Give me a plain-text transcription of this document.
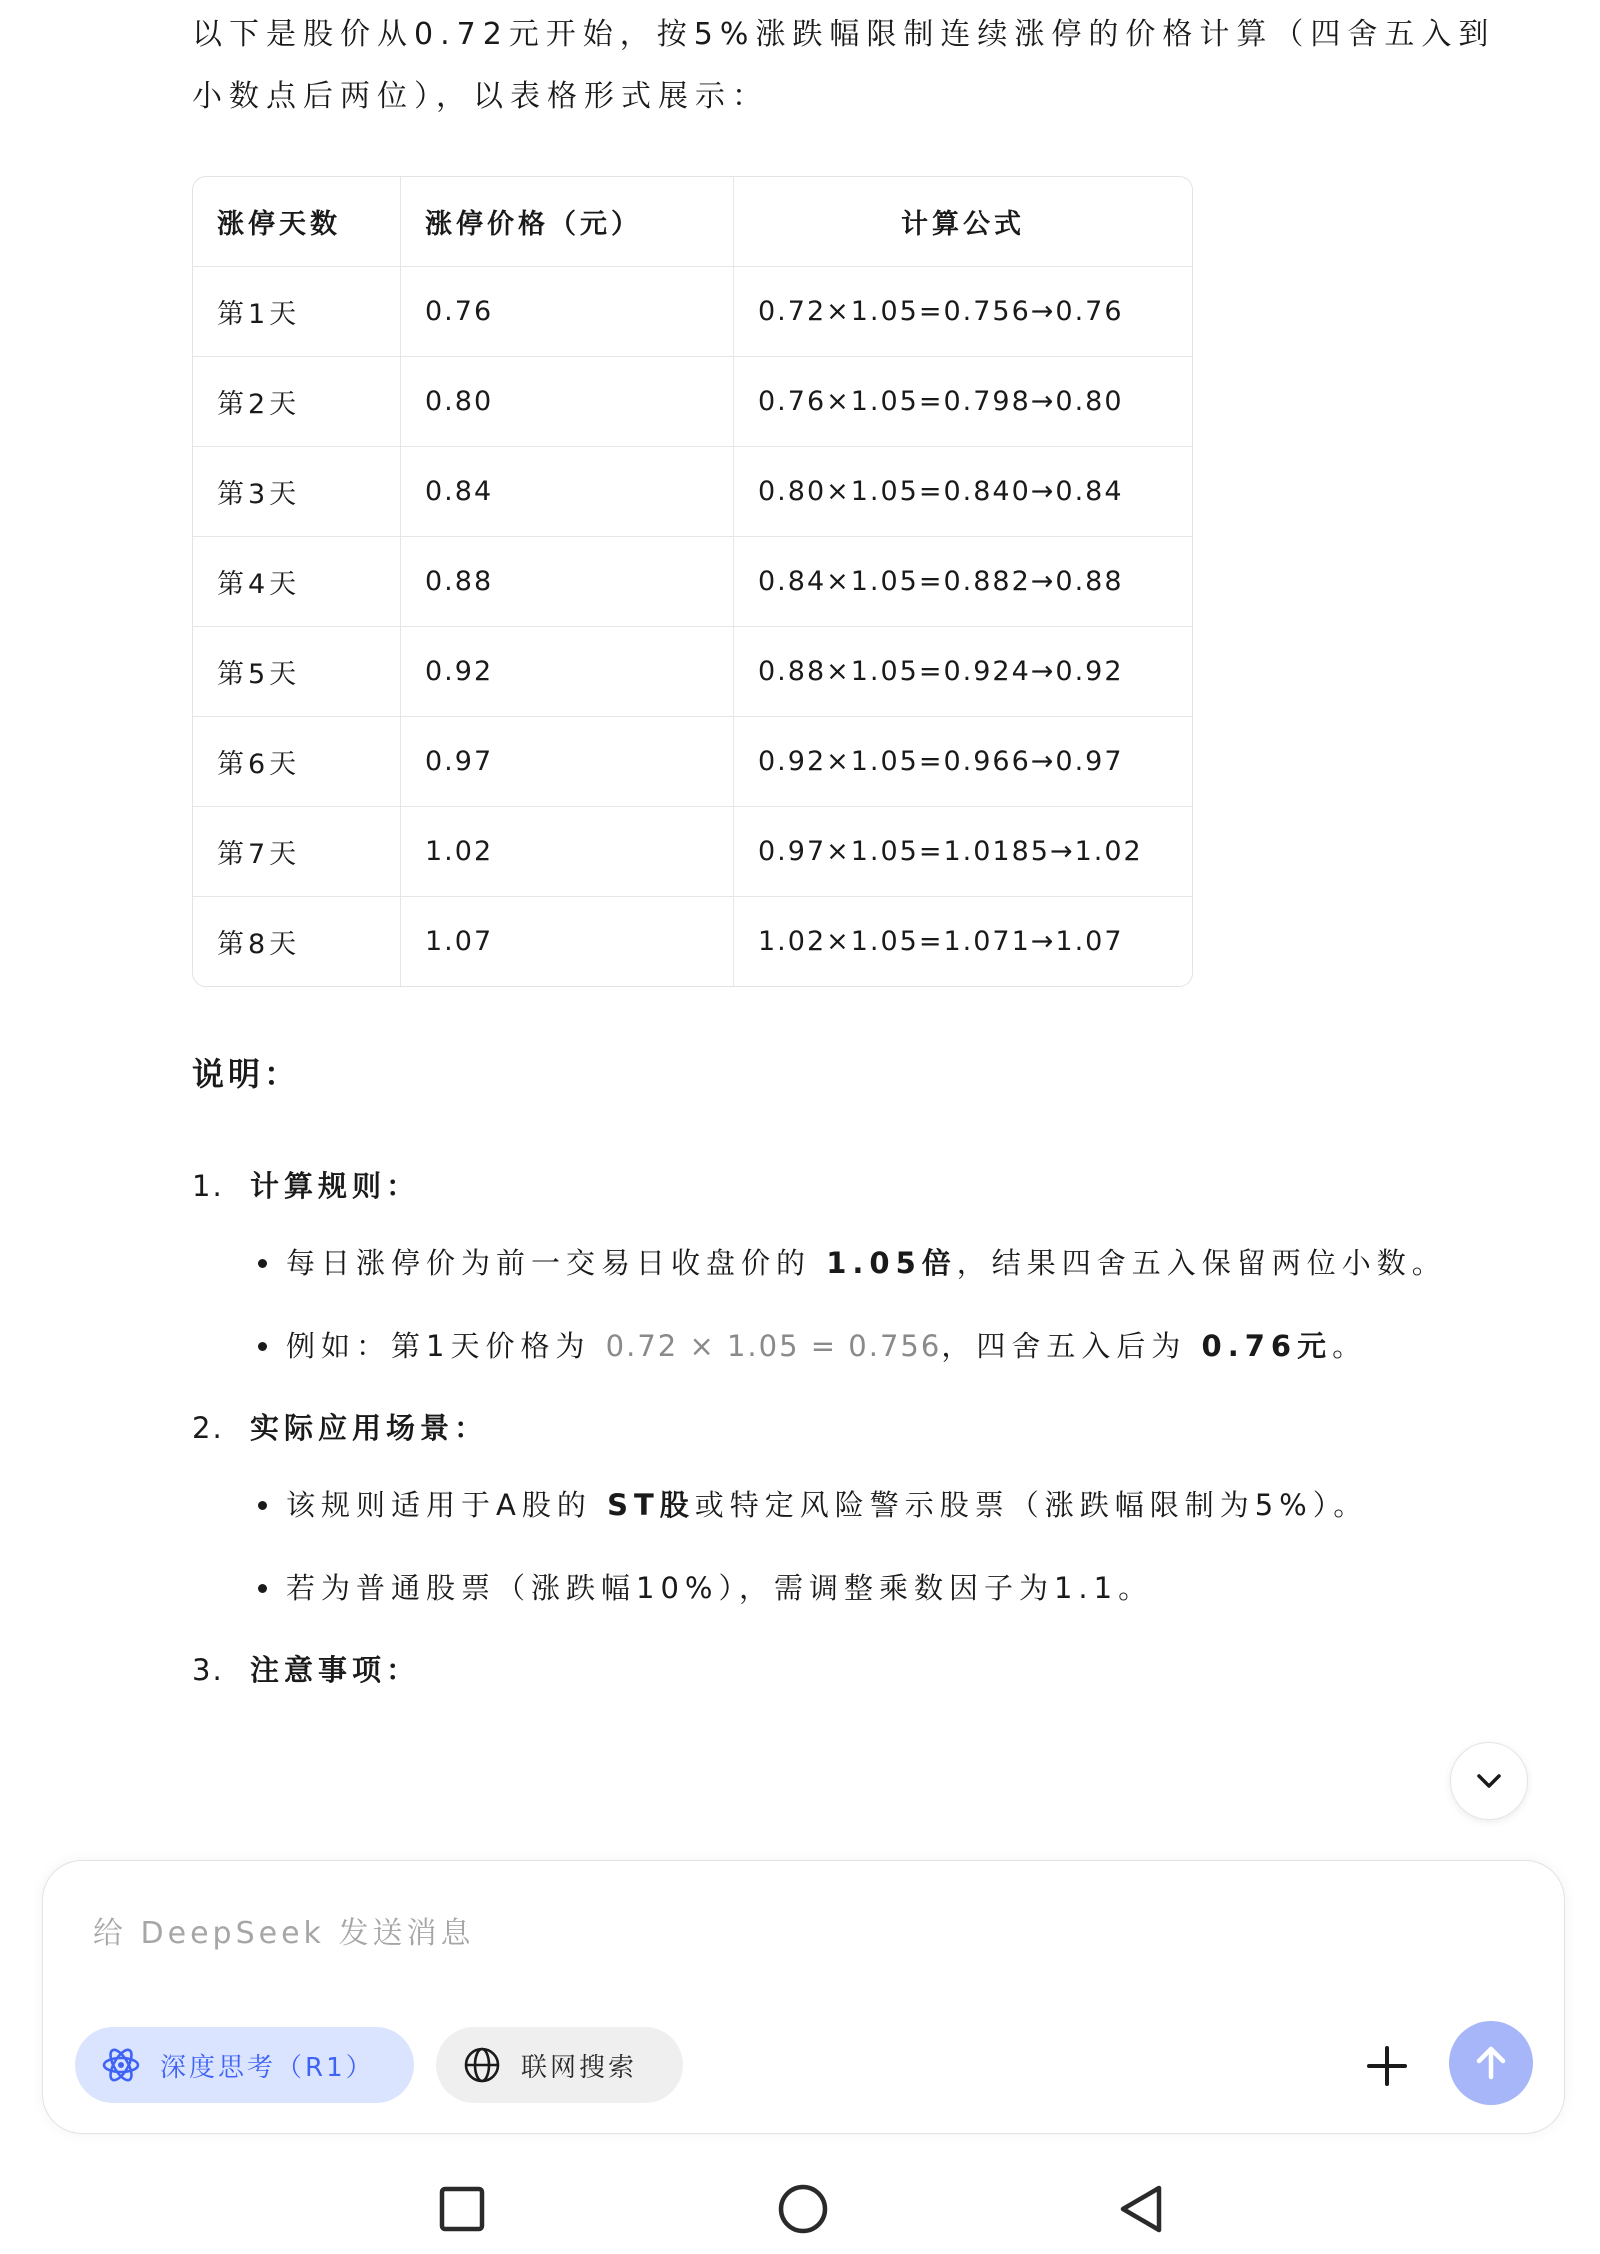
以下是股价从0.72元开始，按5%涨跌幅限制连续涨停的价格计算（四舍五入到小数点后两位），以表格形式展示：

涨停天数	涨停价格（元）	计算公式
第1天	0.76	0.72×1.05=0.756→0.76
第2天	0.80	0.76×1.05=0.798→0.80
第3天	0.84	0.80×1.05=0.840→0.84
第4天	0.88	0.84×1.05=0.882→0.88
第5天	0.92	0.88×1.05=0.924→0.92
第6天	0.97	0.92×1.05=0.966→0.97
第7天	1.02	0.97×1.05=1.0185→1.02
第8天	1.07	1.02×1.05=1.071→1.07
说明：
1. 计算规则：
每日涨停价为前一交易日收盘价的 1.05倍，结果四舍五入保留两位小数。
例如：第1天价格为 0.72 × 1.05 = 0.756，四舍五入后为 0.76元。
2. 实际应用场景：
该规则适用于A股的 ST股或特定风险警示股票（涨跌幅限制为5%）。
若为普通股票（涨跌幅10%），需调整乘数因子为1.1。
3. 注意事项：
给 DeepSeek 发送消息
深度思考（R1）	联网搜索
